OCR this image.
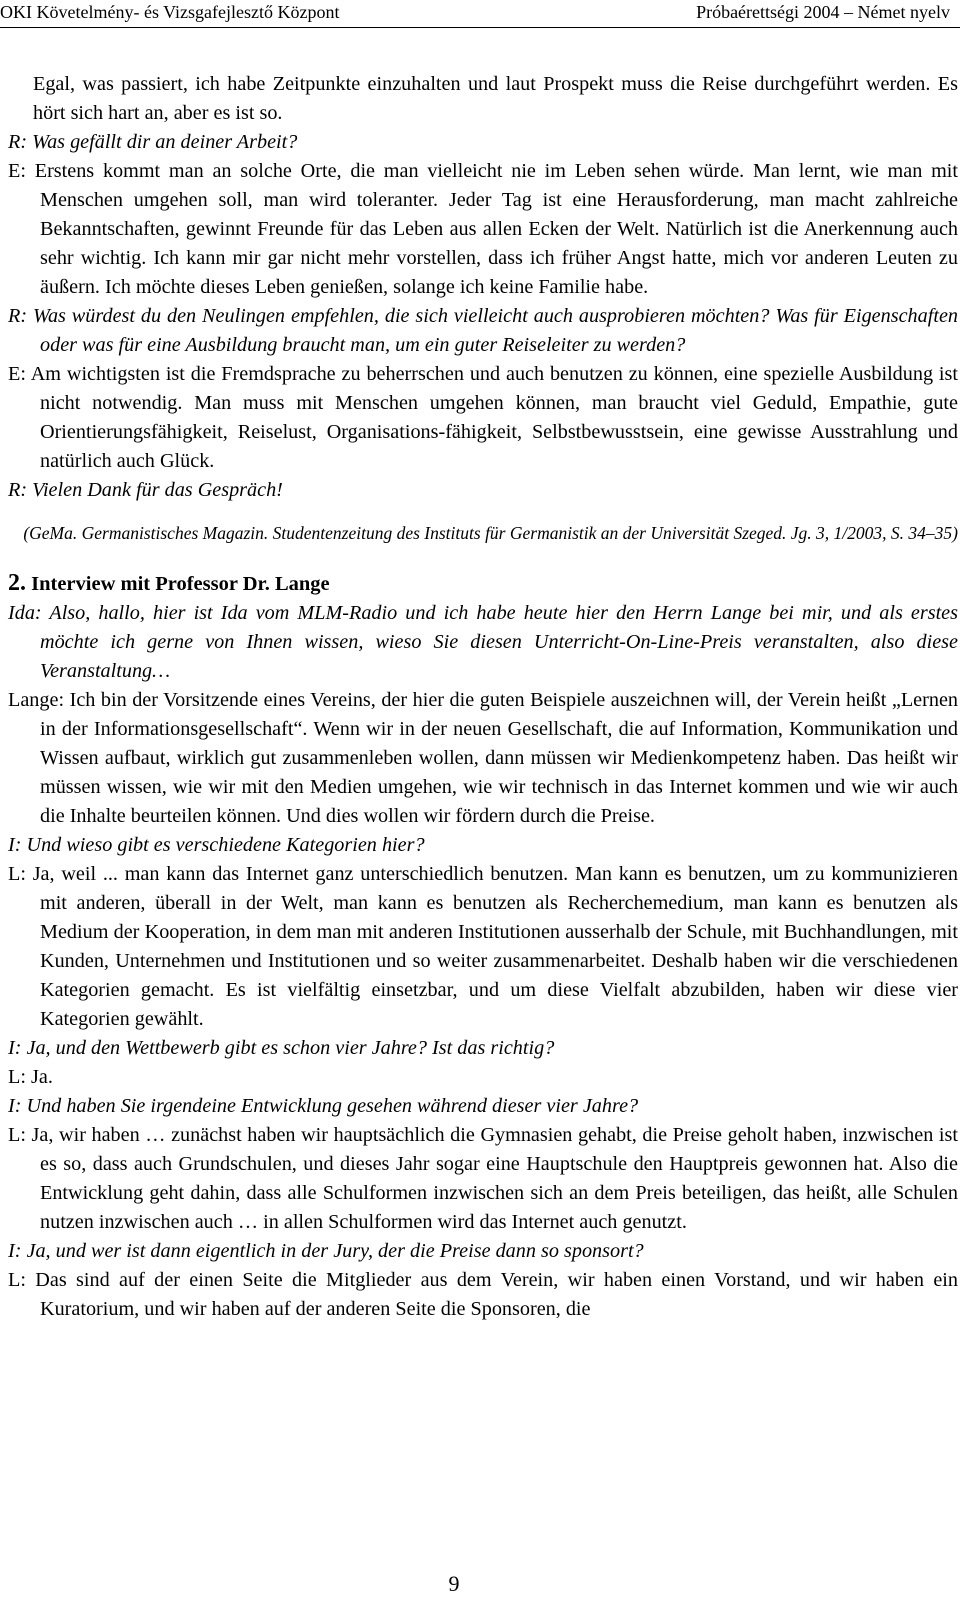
OKI Követelmény- és Vizsgafejlesztő Központ	Próbaérettségi 2004 – Német nyelv

Egal, was passiert, ich habe Zeitpunkte einzuhalten und laut Prospekt muss die Reise durchgeführt werden. Es hört sich hart an, aber es ist so.

R: Was gefällt dir an deiner Arbeit?

E: Erstens kommt man an solche Orte, die man vielleicht nie im Leben sehen würde. Man lernt, wie man mit Menschen umgehen soll, man wird toleranter. Jeder Tag ist eine Herausforderung, man macht zahlreiche Bekanntschaften, gewinnt Freunde für das Leben aus allen Ecken der Welt. Natürlich ist die Anerkennung auch sehr wichtig. Ich kann mir gar nicht mehr vorstellen, dass ich früher Angst hatte, mich vor anderen Leuten zu äußern. Ich möchte dieses Leben genießen, solange ich keine Familie habe.

R: Was würdest du den Neulingen empfehlen, die sich vielleicht auch ausprobieren möchten? Was für Eigenschaften oder was für eine Ausbildung braucht man, um ein guter Reiseleiter zu werden?

E: Am wichtigsten ist die Fremdsprache zu beherrschen und auch benutzen zu können, eine spezielle Ausbildung ist nicht notwendig. Man muss mit Menschen umgehen können, man braucht viel Geduld, Empathie, gute Orientierungsfähigkeit, Reiselust, Organisations-fähigkeit, Selbstbewusstsein, eine gewisse Ausstrahlung und natürlich auch Glück.

R: Vielen Dank für das Gespräch!

(GeMa. Germanistisches Magazin. Studentenzeitung des Instituts für Germanistik an der Universität Szeged. Jg. 3, 1/2003, S. 34–35)

2. Interview mit Professor Dr. Lange

Ida: Also, hallo, hier ist Ida vom MLM-Radio und ich habe heute hier den Herrn Lange bei mir, und als erstes möchte ich gerne von Ihnen wissen, wieso Sie diesen Unterricht-On-Line-Preis veranstalten, also diese Veranstaltung…

Lange: Ich bin der Vorsitzende eines Vereins, der hier die guten Beispiele auszeichnen will, der Verein heißt „Lernen in der Informationsgesellschaft“. Wenn wir in der neuen Gesellschaft, die auf Information, Kommunikation und Wissen aufbaut, wirklich gut zusammenleben wollen, dann müssen wir Medienkompetenz haben. Das heißt wir müssen wissen, wie wir mit den Medien umgehen, wie wir technisch in das Internet kommen und wie wir auch die Inhalte beurteilen können. Und dies wollen wir fördern durch die Preise.

I: Und wieso gibt es verschiedene Kategorien hier?

L: Ja, weil ... man kann das Internet ganz unterschiedlich benutzen. Man kann es benutzen, um zu kommunizieren mit anderen, überall in der Welt, man kann es benutzen als Recherchemedium, man kann es benutzen als Medium der Kooperation, in dem man mit anderen Institutionen ausserhalb der Schule, mit Buchhandlungen, mit Kunden, Unternehmen und Institutionen und so weiter zusammenarbeitet. Deshalb haben wir die verschiedenen Kategorien gemacht. Es ist vielfältig einsetzbar, und um diese Vielfalt abzubilden, haben wir diese vier Kategorien gewählt.

I: Ja, und den Wettbewerb gibt es schon vier Jahre? Ist das richtig?

L: Ja.

I: Und haben Sie irgendeine Entwicklung gesehen während dieser vier Jahre?

L: Ja, wir haben … zunächst haben wir hauptsächlich die Gymnasien gehabt, die Preise geholt haben, inzwischen ist es so, dass auch Grundschulen, und dieses Jahr sogar eine Hauptschule den Hauptpreis gewonnen hat. Also die Entwicklung geht dahin, dass alle Schulformen inzwischen sich an dem Preis beteiligen, das heißt, alle Schulen nutzen inzwischen auch … in allen Schulformen wird das Internet auch genutzt.

I: Ja, und wer ist dann eigentlich in der Jury, der die Preise dann so sponsort?

L: Das sind auf der einen Seite die Mitglieder aus dem Verein, wir haben einen Vorstand, und wir haben ein Kuratorium, und wir haben auf der anderen Seite die Sponsoren, die

9
